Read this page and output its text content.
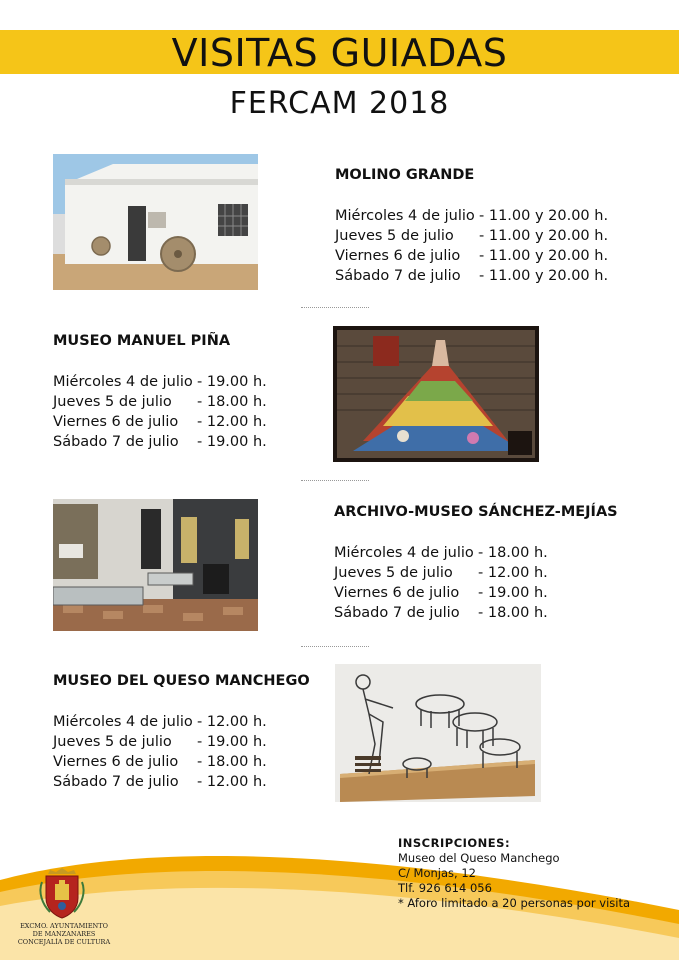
VISITAS GUIADAS
FERCAM 2018
MOLINO GRANDE
Miércoles 4 de julio - 11.00 y 20.00 h.
Jueves 5 de julio	- 11.00 y 20.00 h.
Viernes 6 de julio	- 11.00 y 20.00 h.
Sábado 7 de julio	- 11.00 y 20.00 h.
MUSEO MANUEL PIÑA
Miércoles 4 de julio - 19.00 h.
Jueves 5 de julio	- 18.00 h.
Viernes 6 de julio	- 12.00 h.
Sábado 7 de julio	- 19.00 h.
ARCHIVO-MUSEO SÁNCHEZ-MEJÍAS
Miércoles 4 de julio - 18.00 h.
Jueves 5 de julio	- 12.00 h.
Viernes 6 de julio	- 19.00 h.
Sábado 7 de julio	- 18.00 h.
MUSEO DEL QUESO MANCHEGO
Miércoles 4 de julio - 12.00 h.
Jueves 5 de julio	- 19.00 h.
Viernes 6 de julio	- 18.00 h.
Sábado 7 de julio	- 12.00 h.
EXCMO. AYUNTAMIENTO
DE MANZANARES
CONCEJALÍA DE CULTURA
INSCRIPCIONES:
Museo del Queso Manchego
C/ Monjas, 12
Tlf. 926 614 056
* Aforo limitado a 20 personas por visita
